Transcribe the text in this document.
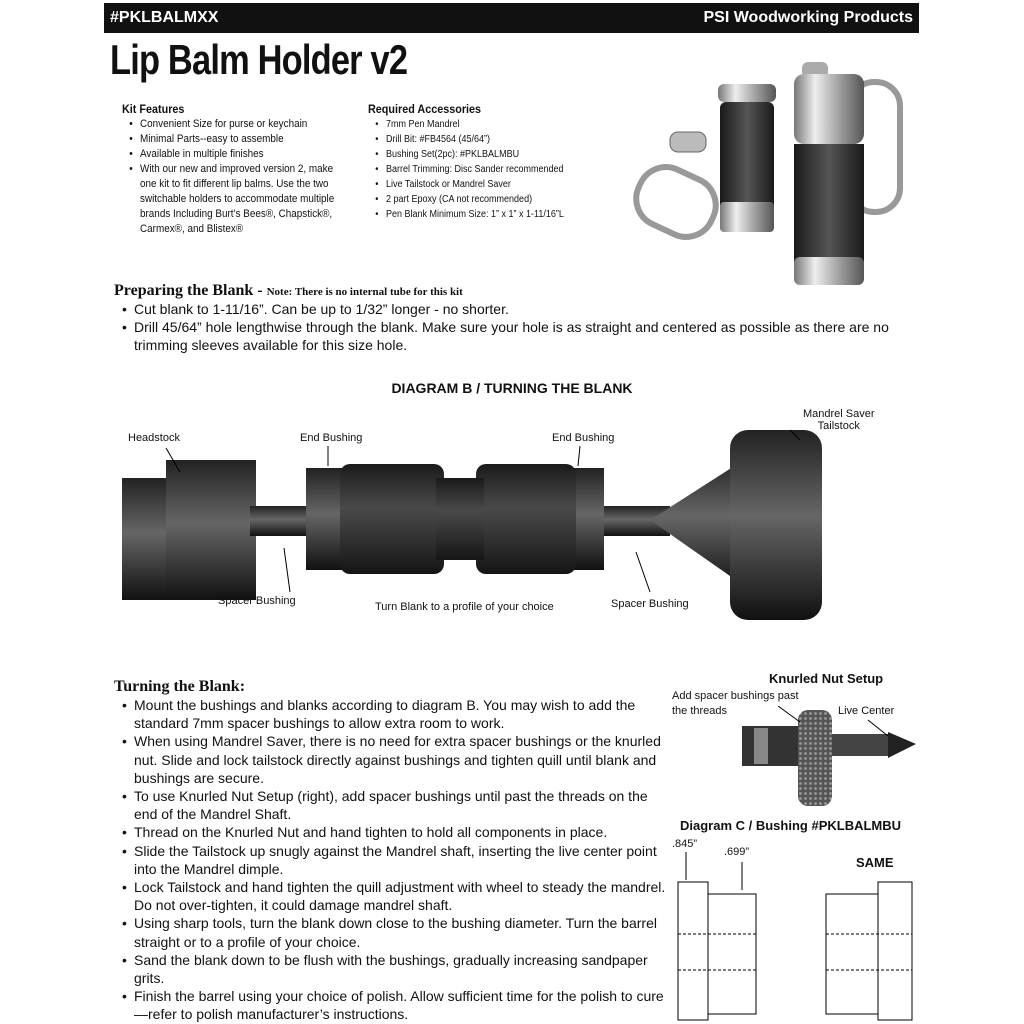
#PKLBALMXX	PSI Woodworking Products
Lip Balm Holder v2
Kit Features
• Convenient Size for purse or keychain
• Minimal Parts--easy to assemble
• Available in multiple finishes
• With our new and improved version 2, make one kit to fit different lip balms. Use the two switchable holders to accommodate multiple brands Including Burt’s Bees®, Chapstick®, Carmex®, and Blistex®
Required Accessories
• 7mm Pen Mandrel
• Drill Bit: #FB4564 (45/64”)
• Bushing Set(2pc): #PKLBALMBU
• Barrel Trimming: Disc Sander recommended
• Live Tailstock or Mandrel Saver
• 2 part Epoxy (CA not recommended)
• Pen Blank Minimum Size: 1” x 1” x 1-11/16”L
Preparing the Blank - Note: There is no internal tube for this kit
• Cut blank to 1-11/16”. Can be up to 1/32” longer - no shorter.
• Drill 45/64” hole lengthwise through the blank. Make sure your hole is as straight and centered as possible as there are no trimming sleeves available for this size hole.
DIAGRAM B / TURNING THE BLANK
Headstock	End Bushing	End Bushing
Mandrel Saver
Tailstock
Spacer Bushing	Turn Blank to a profile of your choice	Spacer Bushing
Turning the Blank:
• Mount the bushings and blanks according to diagram B. You may wish to add the standard 7mm spacer bushings to allow extra room to work.
• When using Mandrel Saver, there is no need for extra spacer bushings or the knurled nut. Slide and lock tailstock directly against bushings and tighten quill until blank and bushings are secure.
• To use Knurled Nut Setup (right), add spacer bushings until past the threads on the end of the Mandrel Shaft.
• Thread on the Knurled Nut and hand tighten to hold all components in place.
• Slide the Tailstock up snugly against the Mandrel shaft, inserting the live center point into the Mandrel dimple.
• Lock Tailstock and hand tighten the quill adjustment with wheel to steady the mandrel. Do not over-tighten, it could damage mandrel shaft.
• Using sharp tools, turn the blank down close to the bushing diameter. Turn the barrel straight or to a profile of your choice.
• Sand the blank down to be flush with the bushings, gradually increasing sandpaper grits.
• Finish the barrel using your choice of polish. Allow sufficient time for the polish to cure—refer to polish manufacturer’s instructions.
Knurled Nut Setup
Add spacer bushings past
the threads	Live Center
Diagram C / Bushing #PKLBALMBU
.845”
.699”
SAME
